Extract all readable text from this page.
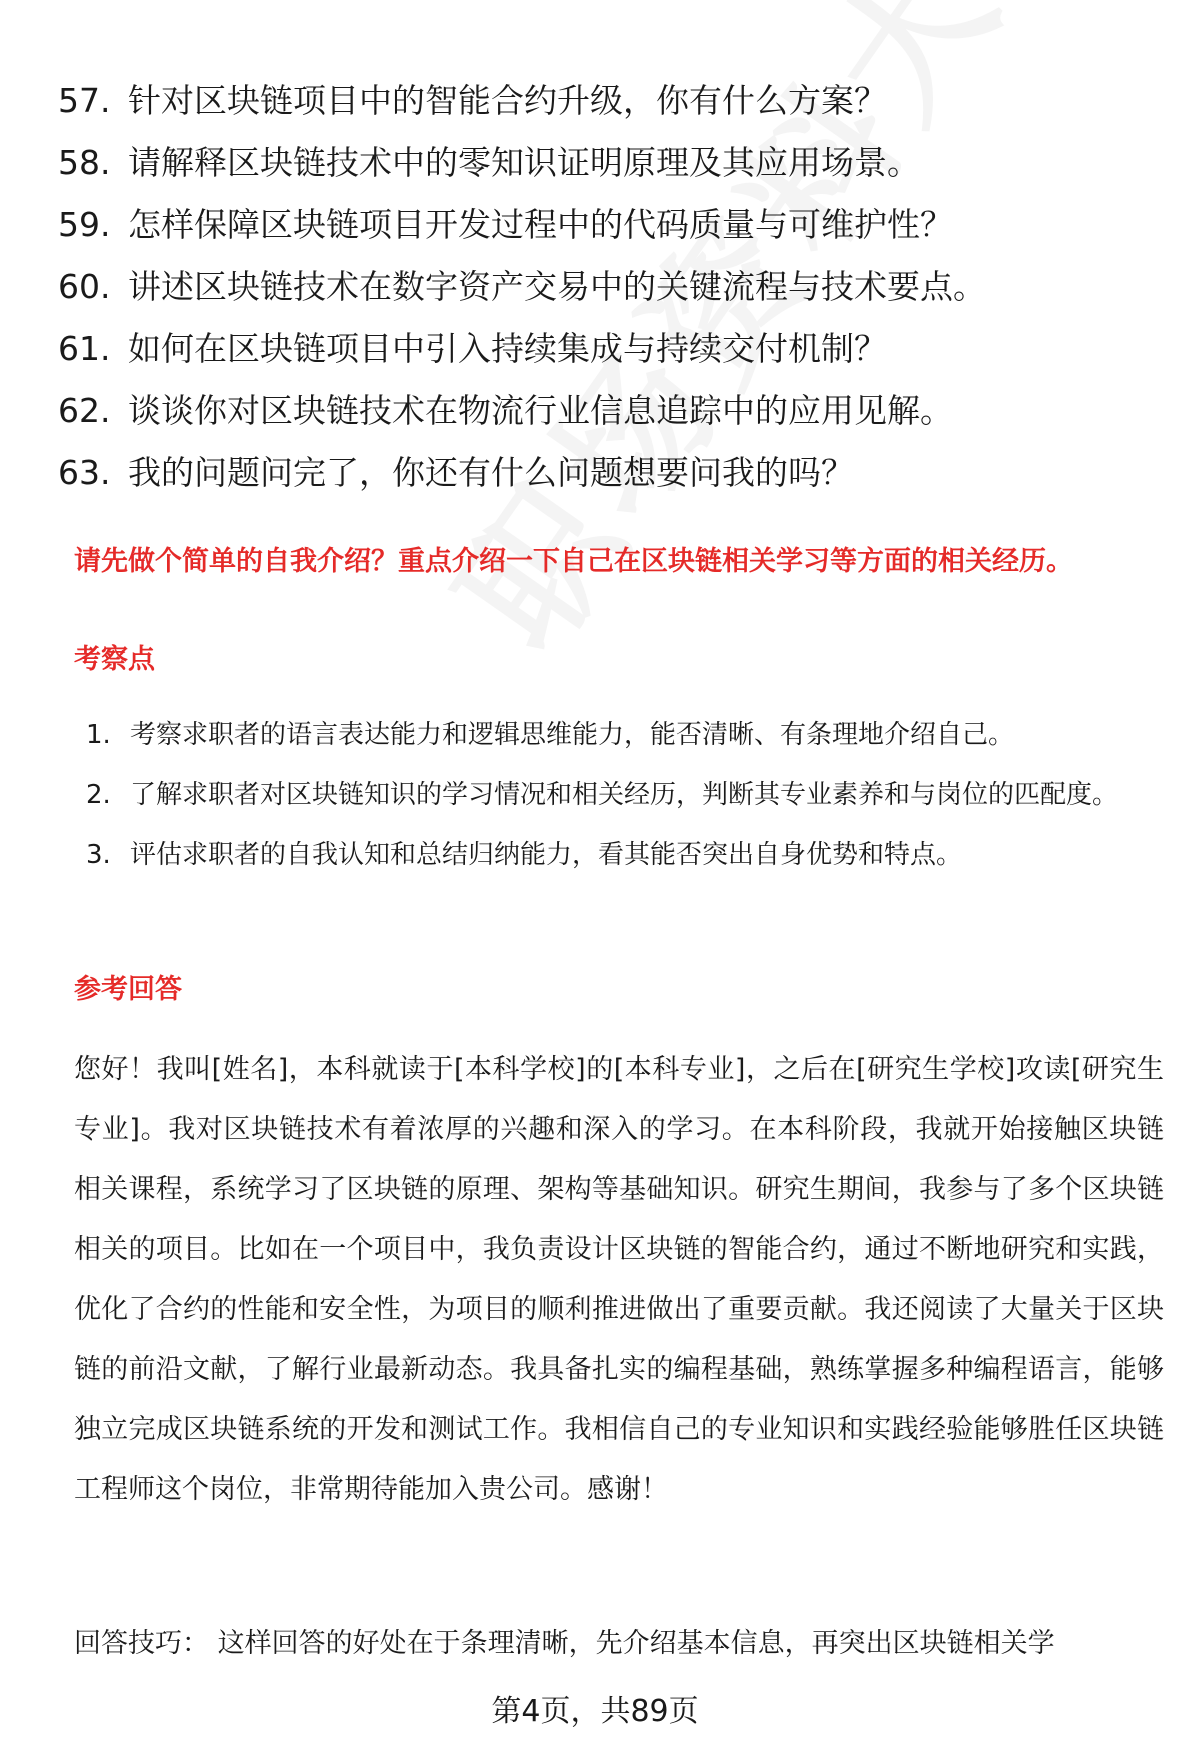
57. 针对区块链项目中的智能合约升级，你有什么方案？
58. 请解释区块链技术中的零知识证明原理及其应用场景。
59. 怎样保障区块链项目开发过程中的代码质量与可维护性？
60. 讲述区块链技术在数字资产交易中的关键流程与技术要点。
61. 如何在区块链项目中引入持续集成与持续交付机制？
62. 谈谈你对区块链技术在物流行业信息追踪中的应用见解。
63. 我的问题问完了，你还有什么问题想要问我的吗？
请先做个简单的自我介绍？重点介绍一下自己在区块链相关学习等方面的相关经历。
考察点
1. 考察求职者的语言表达能力和逻辑思维能力，能否清晰、有条理地介绍自己。
2. 了解求职者对区块链知识的学习情况和相关经历，判断其专业素养和与岗位的匹配度。
3. 评估求职者的自我认知和总结归纳能力，看其能否突出自身优势和特点。
参考回答

您好！我叫[姓名]，本科就读于[本科学校]的[本科专业]，之后在[研究生学校]攻读[研究生专业]。我对区块链技术有着浓厚的兴趣和深入的学习。在本科阶段，我就开始接触区块链相关课程，系统学习了区块链的原理、架构等基础知识。研究生期间，我参与了多个区块链相关的项目。比如在一个项目中，我负责设计区块链的智能合约，通过不断地研究和实践，优化了合约的性能和安全性，为项目的顺利推进做出了重要贡献。我还阅读了大量关于区块链的前沿文献，了解行业最新动态。我具备扎实的编程基础，熟练掌握多种编程语言，能够独立完成区块链系统的开发和测试工作。我相信自己的专业知识和实践经验能够胜任区块链工程师这个岗位，非常期待能加入贵公司。感谢！

回答技巧： 这样回答的好处在于条理清晰，先介绍基本信息，再突出区块链相关学
第4页，共89页
